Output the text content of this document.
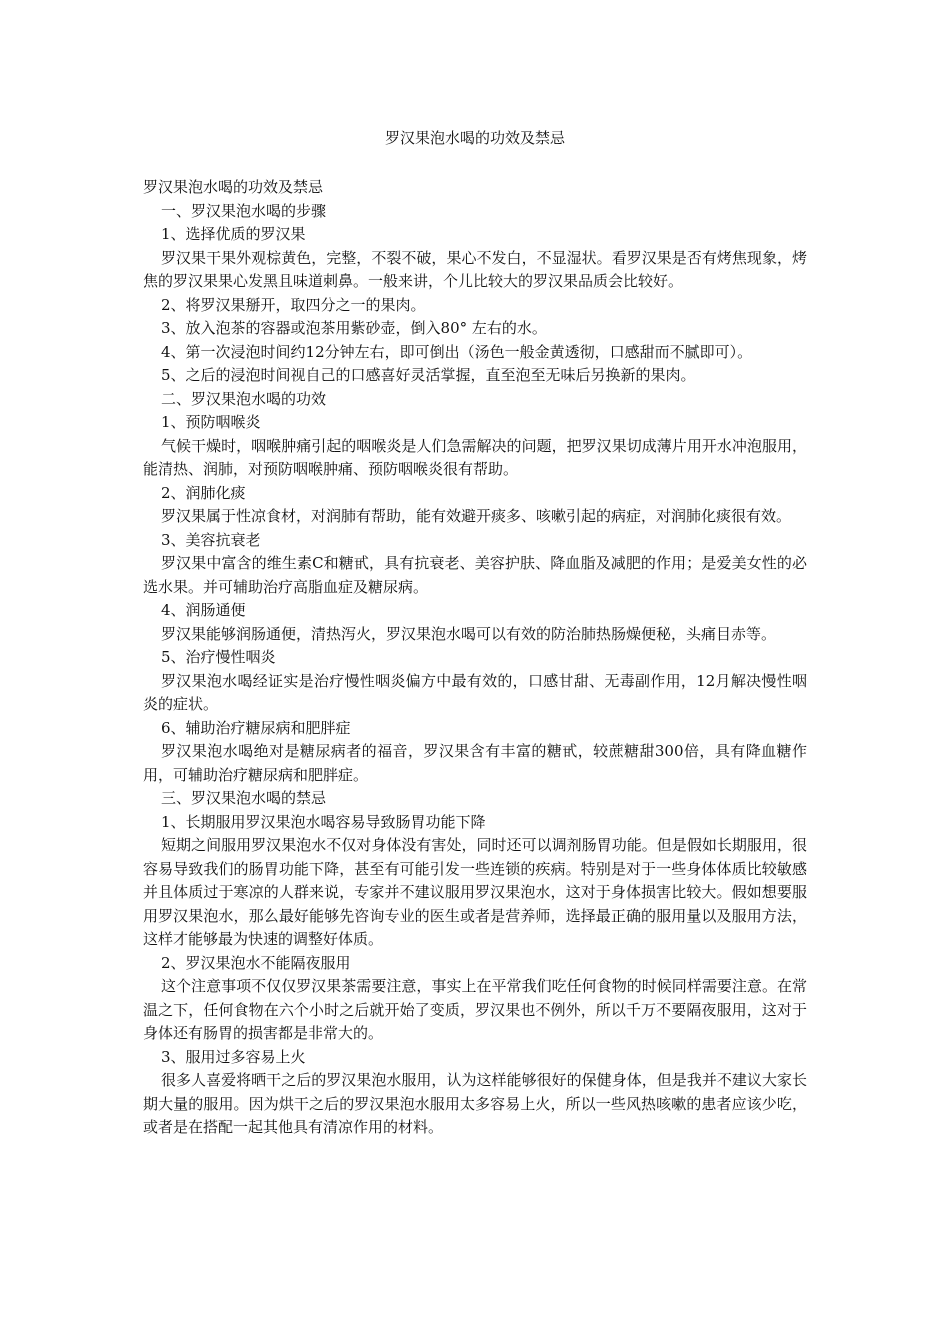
罗汉果泡水喝的功效及禁忌

罗汉果泡水喝的功效及禁忌

一、罗汉果泡水喝的步骤

1、选择优质的罗汉果

罗汉果干果外观棕黄色，完整，不裂不破，果心不发白，不显湿状。看罗汉果是否有烤焦现象，烤焦的罗汉果果心发黑且味道刺鼻。一般来讲，个儿比较大的罗汉果品质会比较好。

2、将罗汉果掰开，取四分之一的果肉。

3、放入泡茶的容器或泡茶用紫砂壶，倒入80° 左右的水。

4、第一次浸泡时间约12分钟左右，即可倒出（汤色一般金黄透彻，口感甜而不腻即可）。

5、之后的浸泡时间视自己的口感喜好灵活掌握，直至泡至无味后另换新的果肉。

二、罗汉果泡水喝的功效

1、预防咽喉炎

气候干燥时，咽喉肿痛引起的咽喉炎是人们急需解决的问题，把罗汉果切成薄片用开水冲泡服用，能清热、润肺，对预防咽喉肿痛、预防咽喉炎很有帮助。

2、润肺化痰

罗汉果属于性凉食材，对润肺有帮助，能有效避开痰多、咳嗽引起的病症，对润肺化痰很有效。

3、美容抗衰老

罗汉果中富含的维生素C和糖甙，具有抗衰老、美容护肤、降血脂及减肥的作用；是爱美女性的必选水果。并可辅助治疗高脂血症及糖尿病。

4、润肠通便

罗汉果能够润肠通便，清热泻火，罗汉果泡水喝可以有效的防治肺热肠燥便秘，头痛目赤等。

5、治疗慢性咽炎

罗汉果泡水喝经证实是治疗慢性咽炎偏方中最有效的，口感甘甜、无毒副作用，12月解决慢性咽炎的症状。

6、辅助治疗糖尿病和肥胖症

罗汉果泡水喝绝对是糖尿病者的福音，罗汉果含有丰富的糖甙，较蔗糖甜300倍，具有降血糖作用，可辅助治疗糖尿病和肥胖症。

三、罗汉果泡水喝的禁忌

1、长期服用罗汉果泡水喝容易导致肠胃功能下降

短期之间服用罗汉果泡水不仅对身体没有害处，同时还可以调剂肠胃功能。但是假如长期服用，很容易导致我们的肠胃功能下降，甚至有可能引发一些连锁的疾病。特别是对于一些身体体质比较敏感并且体质过于寒凉的人群来说，专家并不建议服用罗汉果泡水，这对于身体损害比较大。假如想要服用罗汉果泡水，那么最好能够先咨询专业的医生或者是营养师，选择最正确的服用量以及服用方法，这样才能够最为快速的调整好体质。

2、罗汉果泡水不能隔夜服用

这个注意事项不仅仅罗汉果茶需要注意，事实上在平常我们吃任何食物的时候同样需要注意。在常温之下，任何食物在六个小时之后就开始了变质，罗汉果也不例外，所以千万不要隔夜服用，这对于身体还有肠胃的损害都是非常大的。

3、服用过多容易上火

很多人喜爱将晒干之后的罗汉果泡水服用，认为这样能够很好的保健身体，但是我并不建议大家长期大量的服用。因为烘干之后的罗汉果泡水服用太多容易上火，所以一些风热咳嗽的患者应该少吃，或者是在搭配一起其他具有清凉作用的材料。
